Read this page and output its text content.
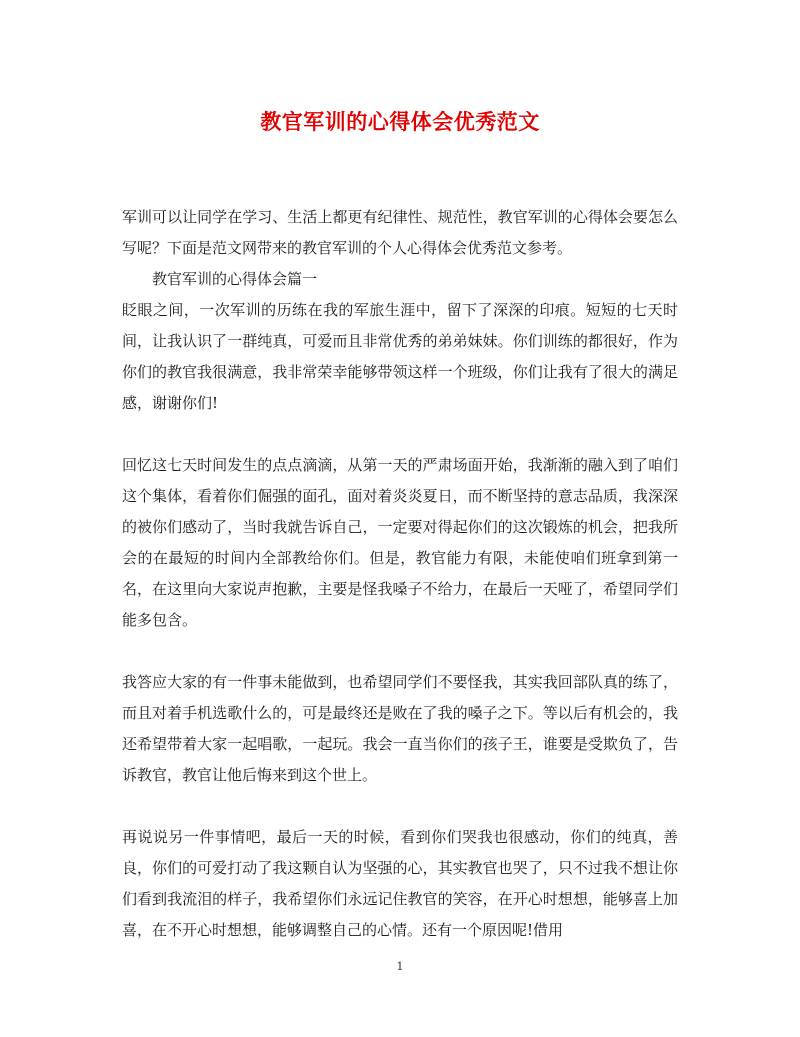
教官军训的心得体会优秀范文

军训可以让同学在学习、生活上都更有纪律性、规范性，教官军训的心得体会要怎么写呢？下面是范文网带来的教官军训的个人心得体会优秀范文参考。

教官军训的心得体会篇一

眨眼之间，一次军训的历练在我的军旅生涯中，留下了深深的印痕。短短的七天时间，让我认识了一群纯真，可爱而且非常优秀的弟弟妹妹。你们训练的都很好，作为你们的教官我很满意，我非常荣幸能够带领这样一个班级，你们让我有了很大的满足感，谢谢你们!

回忆这七天时间发生的点点滴滴，从第一天的严肃场面开始，我渐渐的融入到了咱们这个集体，看着你们倔强的面孔，面对着炎炎夏日，而不断坚持的意志品质，我深深的被你们感动了，当时我就告诉自己，一定要对得起你们的这次锻炼的机会，把我所会的在最短的时间内全部教给你们。但是，教官能力有限，未能使咱们班拿到第一名，在这里向大家说声抱歉，主要是怪我嗓子不给力，在最后一天哑了，希望同学们能多包含。

我答应大家的有一件事未能做到，也希望同学们不要怪我，其实我回部队真的练了，而且对着手机选歌什么的，可是最终还是败在了我的嗓子之下。等以后有机会的，我还希望带着大家一起唱歌，一起玩。我会一直当你们的孩子王，谁要是受欺负了，告诉教官，教官让他后悔来到这个世上。

再说说另一件事情吧，最后一天的时候，看到你们哭我也很感动，你们的纯真，善良，你们的可爱打动了我这颗自认为坚强的心，其实教官也哭了，只不过我不想让你们看到我流泪的样子，我希望你们永远记住教官的笑容，在开心时想想，能够喜上加喜，在不开心时想想，能够调整自己的心情。还有一个原因呢!借用

1
